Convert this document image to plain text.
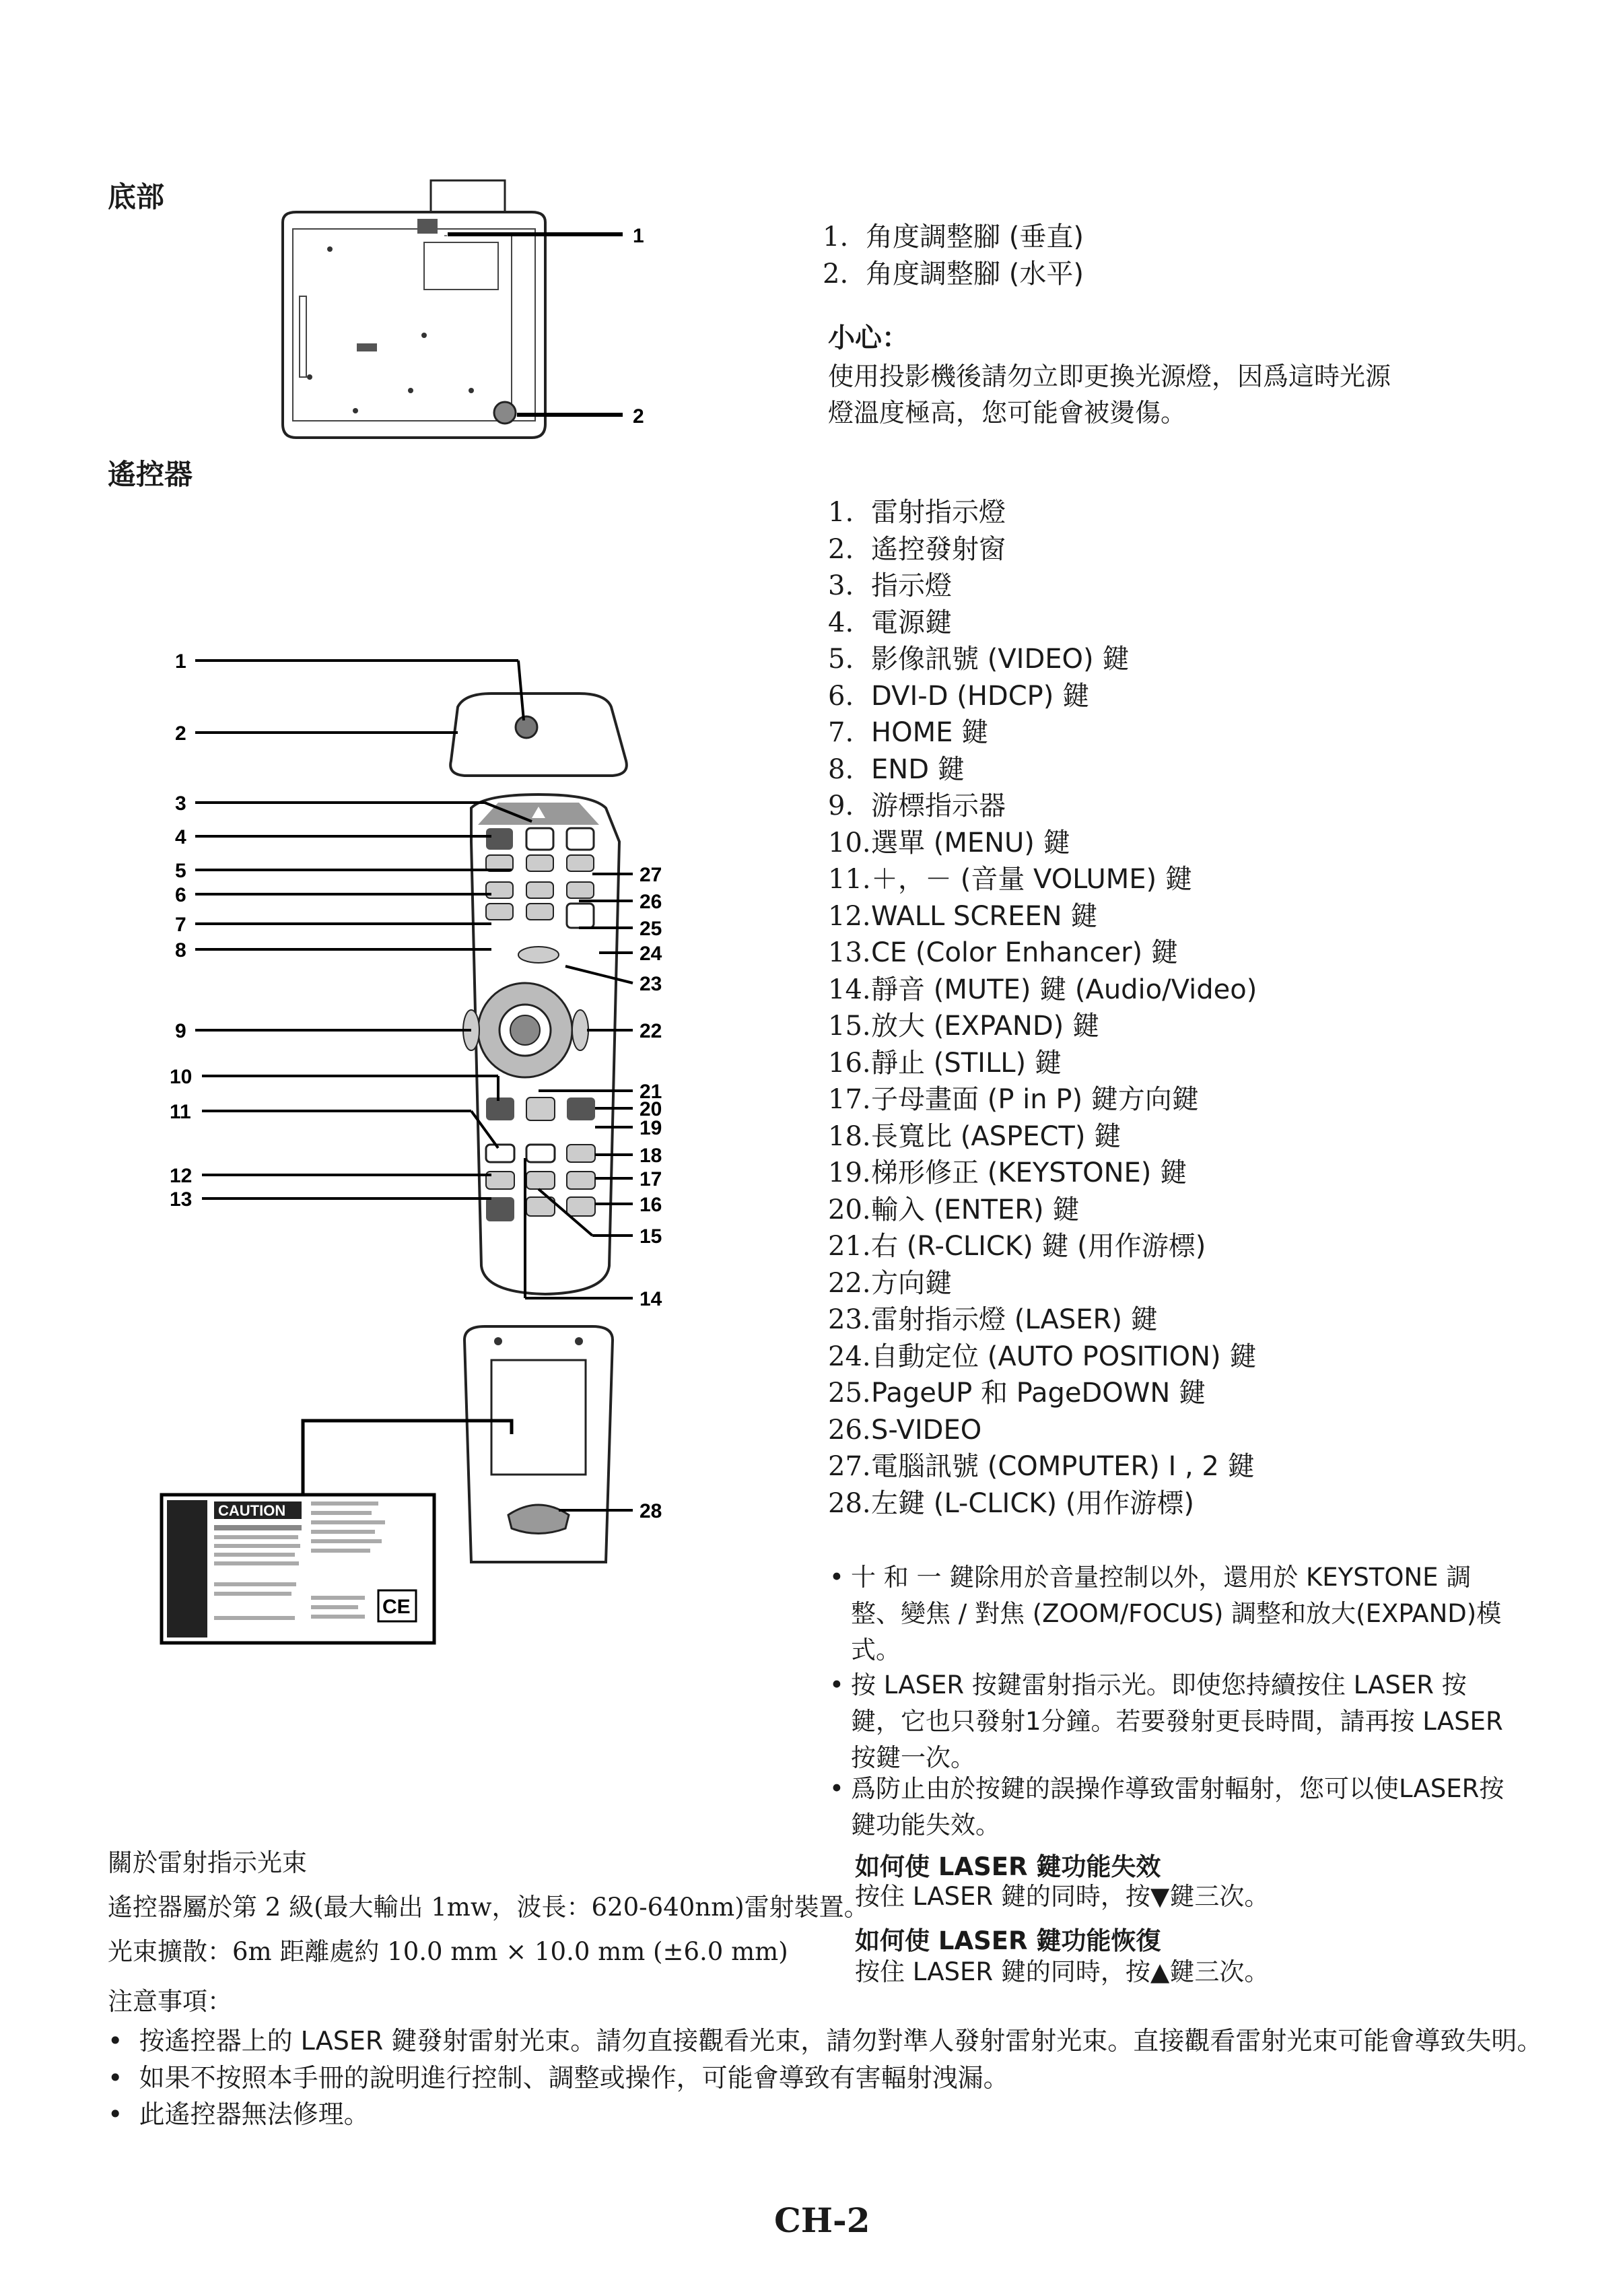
底部
遙控器
1
2
1. 角度調整腳 (垂直)
2. 角度調整腳 (水平)
小心：
使用投影機後請勿立即更換光源燈，因爲這時光源
燈溫度極高，您可能會被燙傷。
1
2
3
4
5
6
7
8
9
10
11
12
13
27
26
25
24
23
22
21
20
19
18
17
16
15
14
28
CAUTION
CE
1. 雷射指示燈
2. 遙控發射窗
3. 指示燈
4. 電源鍵
5. 影像訊號 (VIDEO) 鍵
6. DVI-D (HDCP) 鍵
7. HOME 鍵
8. END 鍵
9. 游標指示器
10.選單 (MENU) 鍵
11.＋，－ (音量 VOLUME) 鍵
12.WALL SCREEN 鍵
13.CE (Color Enhancer) 鍵
14.靜音 (MUTE) 鍵 (Audio/Video)
15.放大 (EXPAND) 鍵
16.靜止 (STILL) 鍵
17.子母畫面 (P in P) 鍵方向鍵
18.長寬比 (ASPECT) 鍵
19.梯形修正 (KEYSTONE) 鍵
20.輸入 (ENTER) 鍵
21.右 (R-CLICK) 鍵 (用作游標)
22.方向鍵
23.雷射指示燈 (LASER) 鍵
24.自動定位 (AUTO POSITION) 鍵
25.PageUP 和 PageDOWN 鍵
26.S-VIDEO
27.電腦訊號 (COMPUTER) I , 2 鍵
28.左鍵 (L-CLICK) (用作游標)
• 十 和 一 鍵除用於音量控制以外，還用於 KEYSTONE 調
整、變焦 / 對焦 (ZOOM/FOCUS) 調整和放大(EXPAND)模
式。
• 按 LASER 按鍵雷射指示光。即使您持續按住 LASER 按
鍵，它也只發射1分鐘。若要發射更長時間，請再按 LASER
按鍵一次。
• 爲防止由於按鍵的誤操作導致雷射輻射，您可以使LASER按
鍵功能失效。
如何使 LASER 鍵功能失效
按住 LASER 鍵的同時，按▼鍵三次。
如何使 LASER 鍵功能恢復
按住 LASER 鍵的同時，按▲鍵三次。
關於雷射指示光束
遙控器屬於第 2 級(最大輸出 1mw，波長：620-640nm)雷射裝置。
光束擴散：6m 距離處約 10.0 mm × 10.0 mm (±6.0 mm)
注意事項：
•  按遙控器上的 LASER 鍵發射雷射光束。請勿直接觀看光束，請勿對準人發射雷射光束。直接觀看雷射光束可能會導致失明。
•  如果不按照本手冊的說明進行控制、調整或操作，可能會導致有害輻射洩漏。
•  此遙控器無法修理。
CH-2
